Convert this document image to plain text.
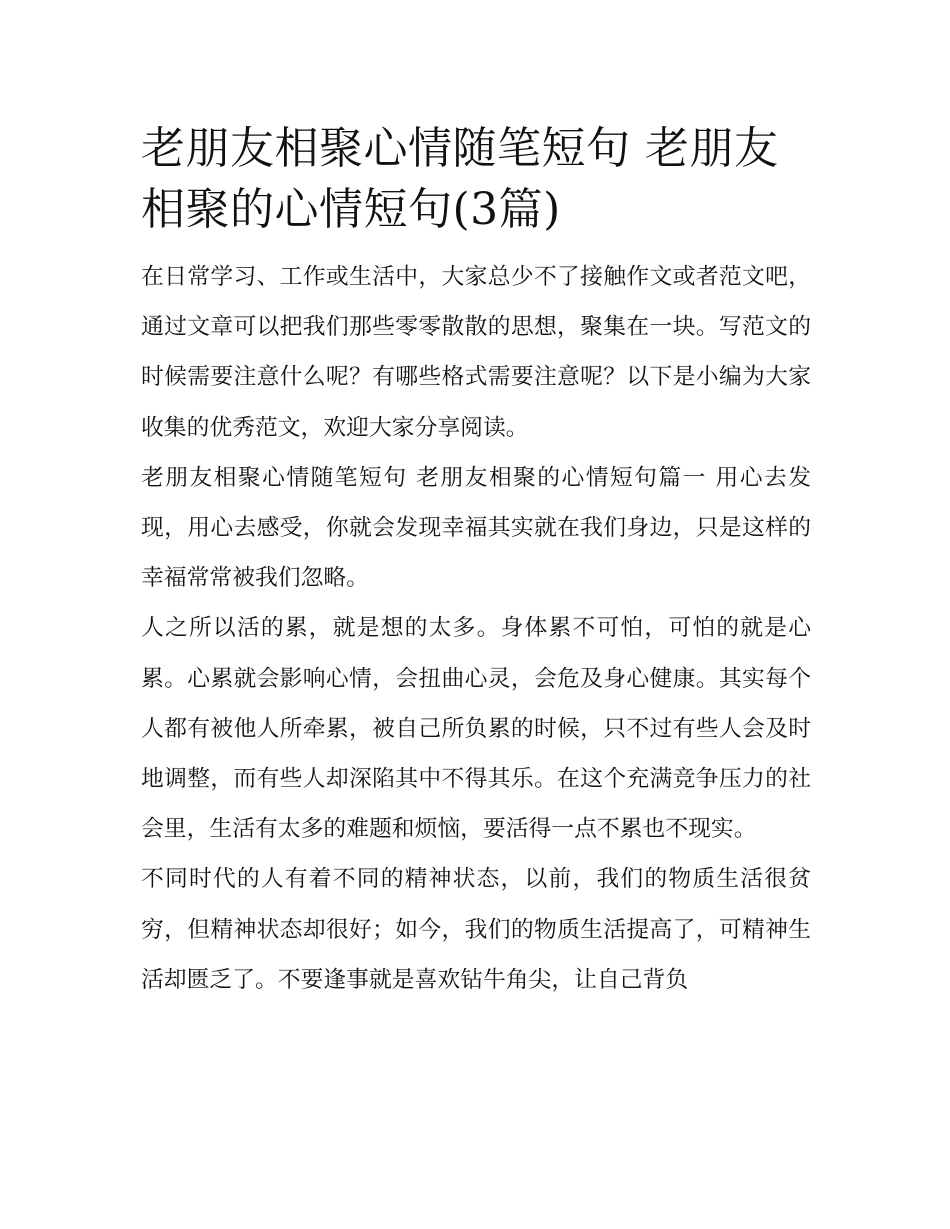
老朋友相聚心情随笔短句 老朋友相聚的心情短句(3篇)

在日常学习、工作或生活中，大家总少不了接触作文或者范文吧，通过文章可以把我们那些零零散散的思想，聚集在一块。写范文的时候需要注意什么呢？有哪些格式需要注意呢？以下是小编为大家收集的优秀范文，欢迎大家分享阅读。

老朋友相聚心情随笔短句 老朋友相聚的心情短句篇一 用心去发现，用心去感受，你就会发现幸福其实就在我们身边，只是这样的幸福常常被我们忽略。

人之所以活的累，就是想的太多。身体累不可怕，可怕的就是心累。心累就会影响心情，会扭曲心灵，会危及身心健康。其实每个人都有被他人所牵累，被自己所负累的时候，只不过有些人会及时地调整，而有些人却深陷其中不得其乐。在这个充满竞争压力的社会里，生活有太多的难题和烦恼，要活得一点不累也不现实。

不同时代的人有着不同的精神状态，以前，我们的物质生活很贫穷，但精神状态却很好；如今，我们的物质生活提高了，可精神生活却匮乏了。不要逢事就是喜欢钻牛角尖，让自己背负
